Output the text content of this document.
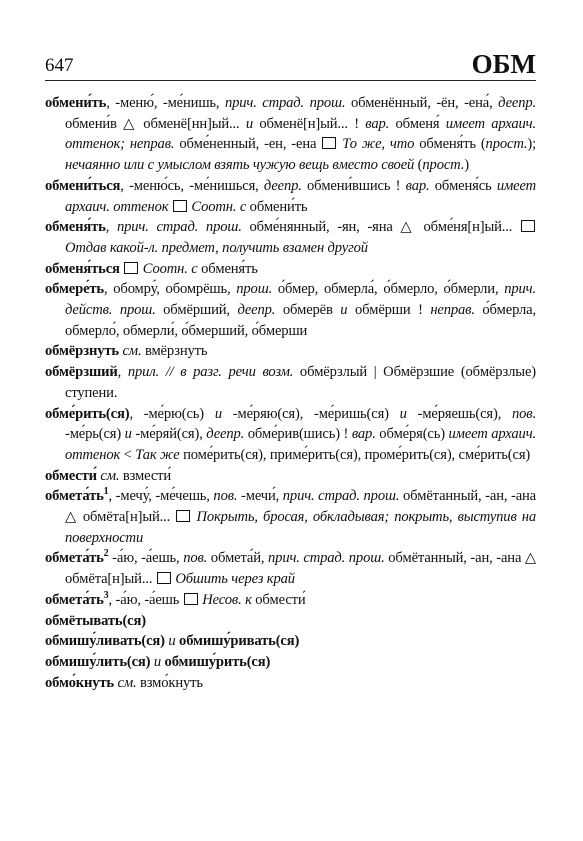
647	ОБМ

обмени́ть, -меню́, -ме́нишь, прич. страд. прош. обменённый, -ён, -ена́, деепр. обмени́в △ обменё[нн]ый... и обменё[н]ый... ! вар. обменя́ имеет архаич. оттенок; неправ. обме́ненный, -ен, -ена  То же, что обменя́ть (прост.); нечаянно или с умыслом взять чужую вещь вместо своей (прост.)

обмени́ться, -меню́сь, -ме́нишься, деепр. обмени́вшись ! вар. обменя́сь имеет архаич. оттенок Соотн. с обмени́ть

обменя́ть, прич. страд. прош. обме́нянный, -ян, -яна △ обме́ня[н]ый...  Отдав какой-л. предмет, получить взамен другой

обменя́ться Соотн. с обменя́ть

обмере́ть, обомру́, обомрёшь, прош. о́бмер, обмерла́, о́бмерло, о́бмерли, прич. действ. прош. обмёрший, деепр. обмерёв и обмёрши ! неправ. о́бмерла, обмерло́, обмерли́, о́бмерший, о́бмерши

обмёрзнуть см. вмёрзнуть

обмёрзший, прил. // в разг. речи возм. обмёрзлый | Обмёрзшие (обмёрзлые) ступени.

обме́рить(ся), -ме́рю(сь) и -ме́ряю(ся), -ме́ришь(ся) и -ме́ряешь(ся), пов. -ме́рь(ся) и -ме́ряй(ся), деепр. обме́рив(шись) ! вар. обме́ря(сь) имеет архаич. оттенок < Так же поме́рить(ся), приме́рить(ся), проме́рить(ся), сме́рить(ся)

обмести́ см. взмести́

$обмета́ть^1$, -мечу́, -ме́чешь, пов. -мечи́, прич. страд. прош. обмётанный, -ан, -ана △ обмёта[н]ый...  Покрыть, бросая, обкладывая; покрыть, выступив на поверхности

$обмета́ть^2$ -а́ю, -а́ешь, пов. обмета́й, прич. страд. прош. обмётанный, -ан, -ана △ обмёта[н]ый...  Обшить через край

$обмета́ть^3$, -а́ю, -а́ешь  Несов. к обмести́

обмётывать(ся)

обмишу́ливать(ся) и обмишу́ривать(ся)

обмишу́лить(ся) и обмишу́рить(ся)

обмо́кнуть см. взмо́кнуть
